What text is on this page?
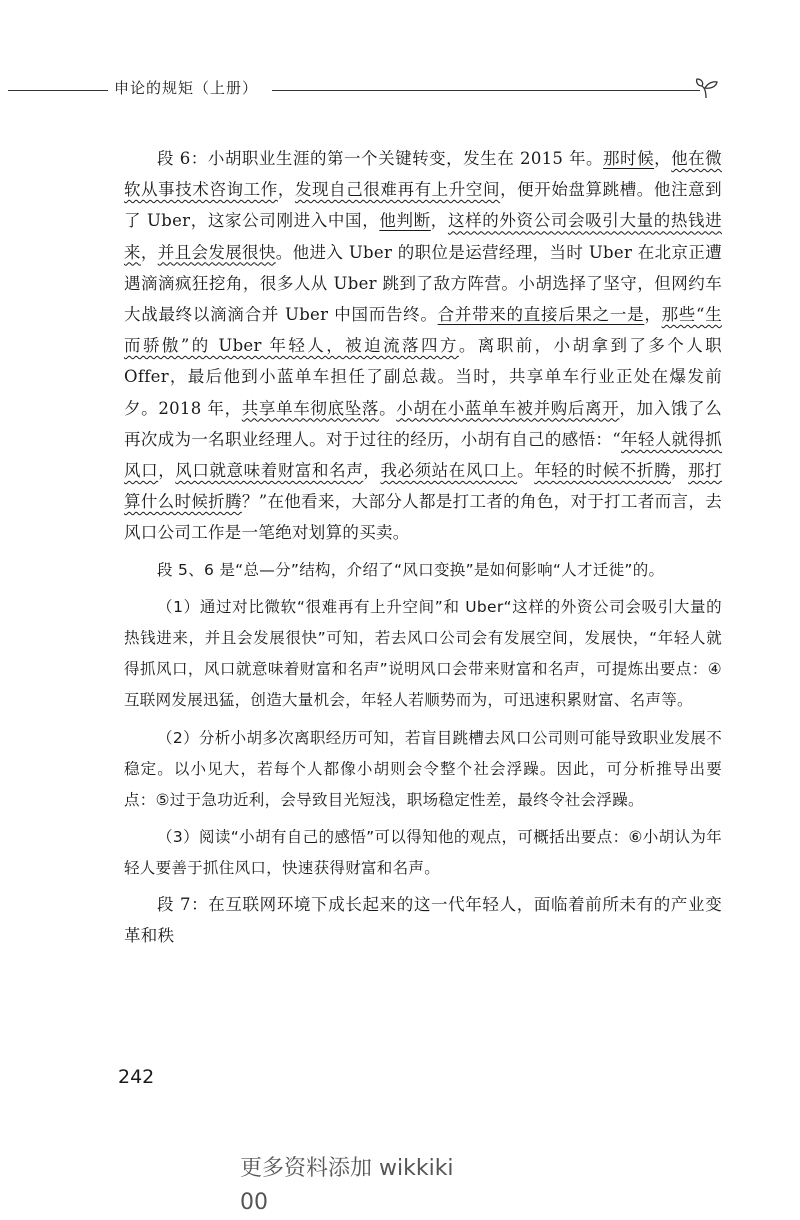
申论的规矩（上册）

段 6：小胡职业生涯的第一个关键转变，发生在 2015 年。那时候，他在微软从事技术咨询工作，发现自己很难再有上升空间，便开始盘算跳槽。他注意到了 Uber，这家公司刚进入中国，他判断，这样的外资公司会吸引大量的热钱进来，并且会发展很快。他进入 Uber 的职位是运营经理，当时 Uber 在北京正遭遇滴滴疯狂挖角，很多人从 Uber 跳到了敌方阵营。小胡选择了坚守，但网约车大战最终以滴滴合并 Uber 中国而告终。合并带来的直接后果之一是，那些“生而骄傲”的 Uber 年轻人，被迫流落四方。离职前，小胡拿到了多个人职 Offer，最后他到小蓝单车担任了副总裁。当时，共享单车行业正处在爆发前夕。2018 年，共享单车彻底坠落。小胡在小蓝单车被并购后离开，加入饿了么再次成为一名职业经理人。对于过往的经历，小胡有自己的感悟：“年轻人就得抓风口，风口就意味着财富和名声，我必须站在风口上。年轻的时候不折腾，那打算什么时候折腾？”在他看来，大部分人都是打工者的角色，对于打工者而言，去风口公司工作是一笔绝对划算的买卖。

段 5、6 是“总—分”结构，介绍了“风口变换”是如何影响“人才迁徙”的。

（1）通过对比微软“很难再有上升空间”和 Uber“这样的外资公司会吸引大量的热钱进来，并且会发展很快”可知，若去风口公司会有发展空间，发展快，“年轻人就得抓风口，风口就意味着财富和名声”说明风口会带来财富和名声，可提炼出要点：④互联网发展迅猛，创造大量机会，年轻人若顺势而为，可迅速积累财富、名声等。

（2）分析小胡多次离职经历可知，若盲目跳槽去风口公司则可能导致职业发展不稳定。以小见大，若每个人都像小胡则会令整个社会浮躁。因此，可分析推导出要点：⑤过于急功近利，会导致目光短浅，职场稳定性差，最终令社会浮躁。

（3）阅读“小胡有自己的感悟”可以得知他的观点，可概括出要点：⑥小胡认为年轻人要善于抓住风口，快速获得财富和名声。

段 7：在互联网环境下成长起来的这一代年轻人，面临着前所未有的产业变革和秩

242
更多资料添加 wikkiki 00
